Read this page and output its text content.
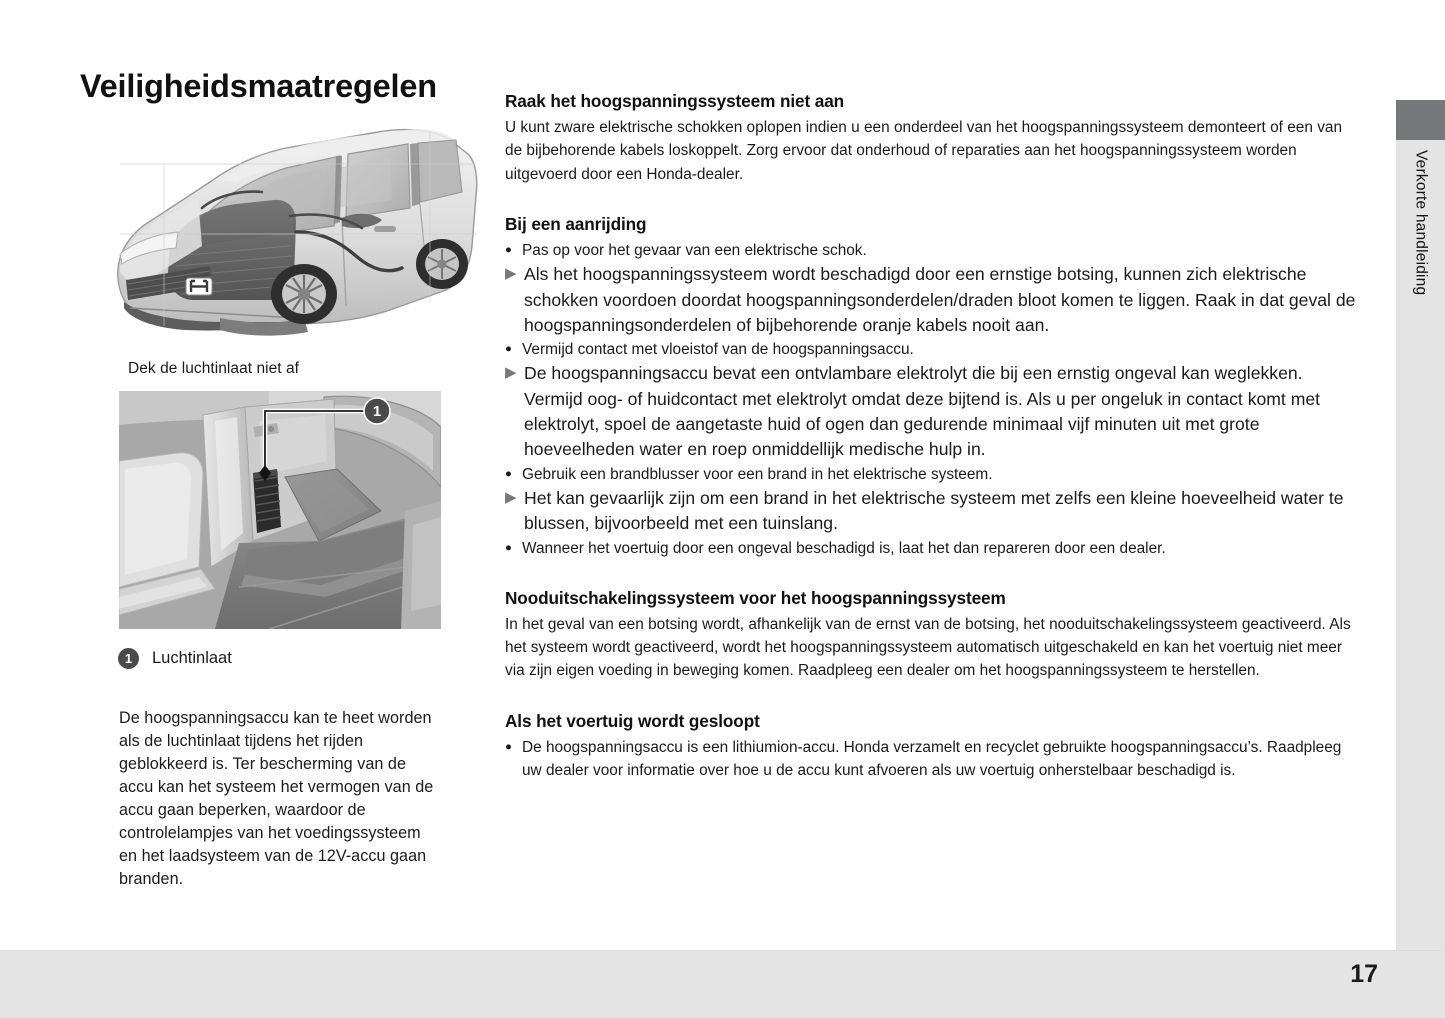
Verkorte handleiding
Veiligheidsmaatregelen
Dek de luchtinlaat niet af
1
1	Luchtinlaat

De hoogspanningsaccu kan te heet worden als de luchtinlaat tijdens het rijden geblokkeerd is. Ter bescherming van de accu kan het systeem het vermogen van de accu gaan beperken, waardoor de controlelampjes van het voedingssysteem en het laadsysteem van de 12V-accu gaan branden.

Raak het hoogspanningssysteem niet aan

U kunt zware elektrische schokken oplopen indien u een onderdeel van het hoogspanningssysteem demonteert of een van de bijbehorende kabels loskoppelt. Zorg ervoor dat onderhoud of reparaties aan het hoogspanningssysteem worden uitgevoerd door een Honda-dealer.

Bij een aanrijding

● Pas op voor het gevaar van een elektrische schok.

▶ Als het hoogspanningssysteem wordt beschadigd door een ernstige botsing, kunnen zich elektrische schokken voordoen doordat hoogspanningsonderdelen/draden bloot komen te liggen. Raak in dat geval de hoogspanningsonderdelen of bijbehorende oranje kabels nooit aan.

● Vermijd contact met vloeistof van de hoogspanningsaccu.

▶ De hoogspanningsaccu bevat een ontvlambare elektrolyt die bij een ernstig ongeval kan weglekken. Vermijd oog- of huidcontact met elektrolyt omdat deze bijtend is. Als u per ongeluk in contact komt met elektrolyt, spoel de aangetaste huid of ogen dan gedurende minimaal vijf minuten uit met grote hoeveelheden water en roep onmiddellijk medische hulp in.

● Gebruik een brandblusser voor een brand in het elektrische systeem.

▶ Het kan gevaarlijk zijn om een brand in het elektrische systeem met zelfs een kleine hoeveelheid water te blussen, bijvoorbeeld met een tuinslang.

● Wanneer het voertuig door een ongeval beschadigd is, laat het dan repareren door een dealer.

Nooduitschakelingssysteem voor het hoogspanningssysteem

In het geval van een botsing wordt, afhankelijk van de ernst van de botsing, het nooduitschakelingssysteem geactiveerd. Als het systeem wordt geactiveerd, wordt het hoogspanningssysteem automatisch uitgeschakeld en kan het voertuig niet meer via zijn eigen voeding in beweging komen. Raadpleeg een dealer om het hoogspanningssysteem te herstellen.

Als het voertuig wordt gesloopt

● De hoogspanningsaccu is een lithiumion-accu. Honda verzamelt en recyclet gebruikte hoogspanningsaccu’s. Raadpleeg uw dealer voor informatie over hoe u de accu kunt afvoeren als uw voertuig onherstelbaar beschadigd is.

17
